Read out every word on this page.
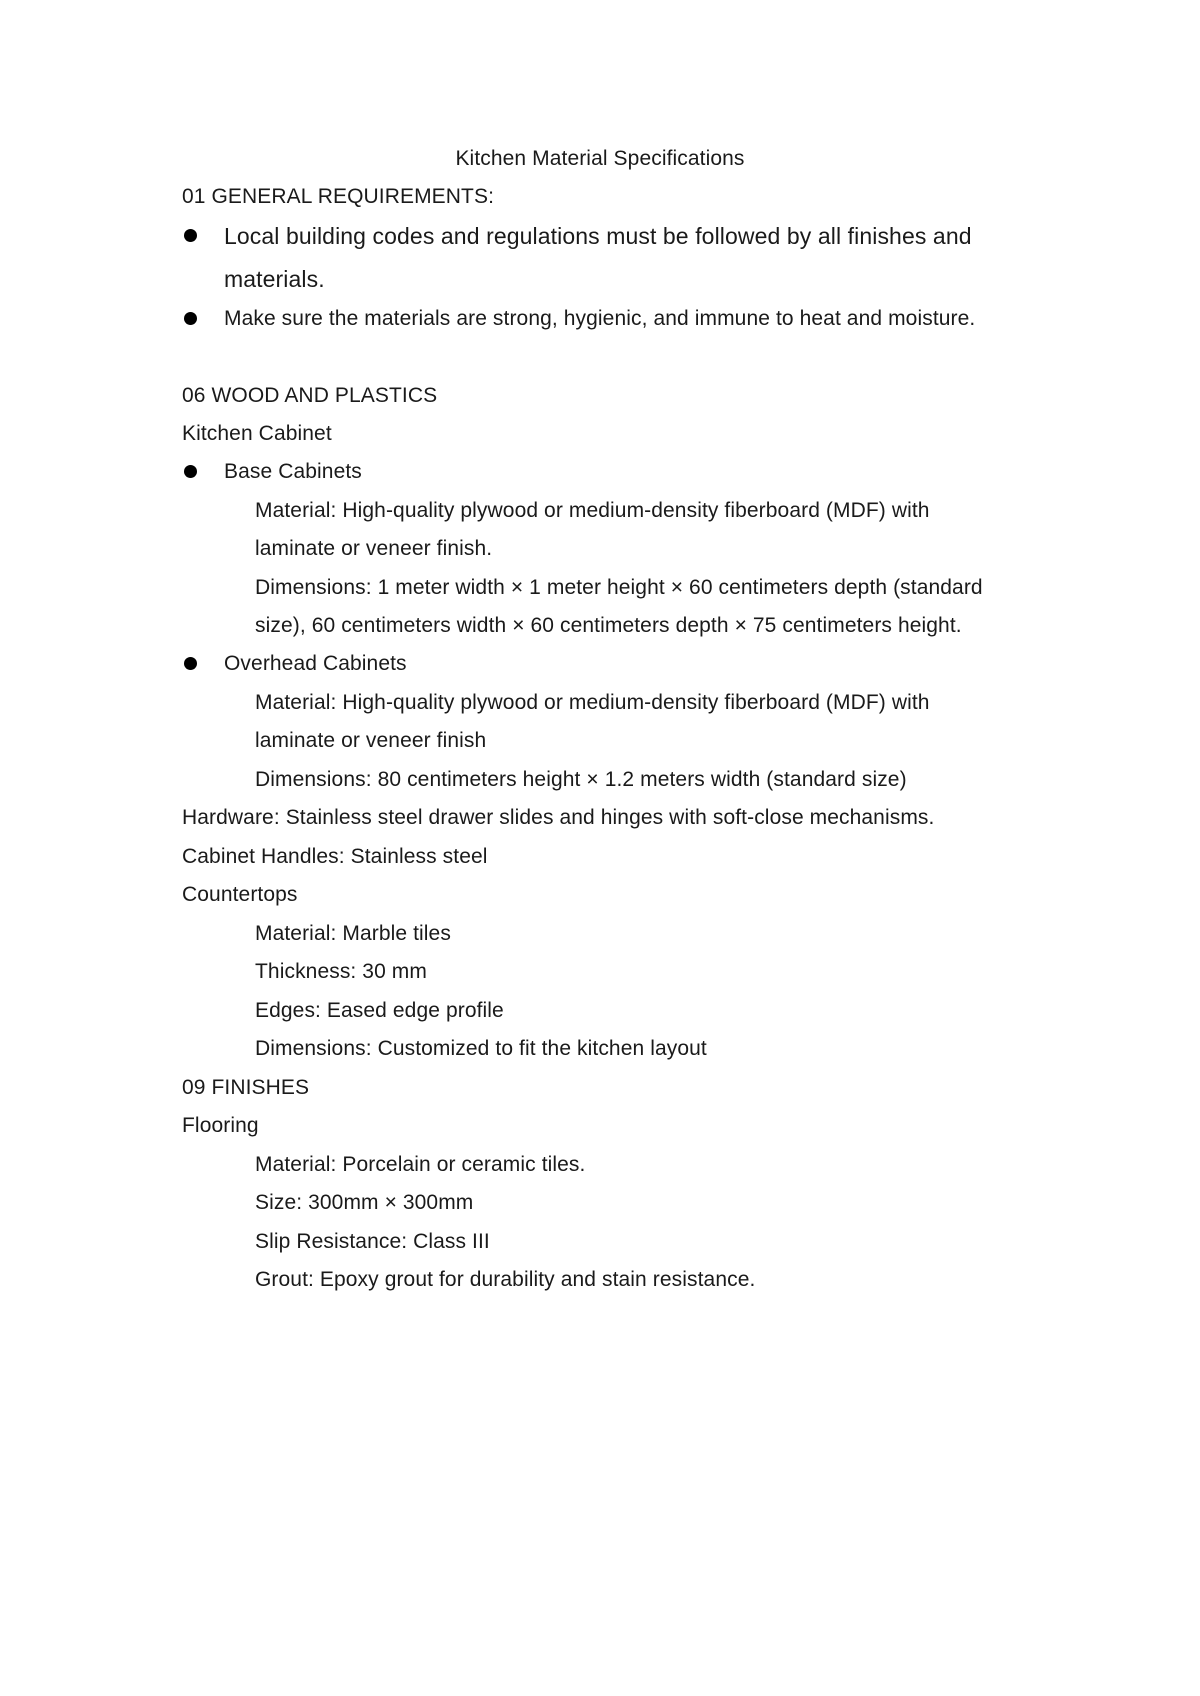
Kitchen Material Specifications
01 GENERAL REQUIREMENTS:
Local building codes and regulations must be followed by all finishes and
materials.
Make sure the materials are strong, hygienic, and immune to heat and moisture.
06 WOOD AND PLASTICS
Kitchen Cabinet
Base Cabinets
Material: High-quality plywood or medium-density fiberboard (MDF) with
laminate or veneer finish.
Dimensions: 1 meter width × 1 meter height × 60 centimeters depth (standard
size), 60 centimeters width × 60 centimeters depth × 75 centimeters height.
Overhead Cabinets
Material: High-quality plywood or medium-density fiberboard (MDF) with
laminate or veneer finish
Dimensions: 80 centimeters height × 1.2 meters width (standard size)
Hardware: Stainless steel drawer slides and hinges with soft-close mechanisms.
Cabinet Handles: Stainless steel
Countertops
Material: Marble tiles
Thickness: 30 mm
Edges: Eased edge profile
Dimensions: Customized to fit the kitchen layout
09 FINISHES
Flooring
Material: Porcelain or ceramic tiles.
Size: 300mm × 300mm
Slip Resistance: Class III
Grout: Epoxy grout for durability and stain resistance.
